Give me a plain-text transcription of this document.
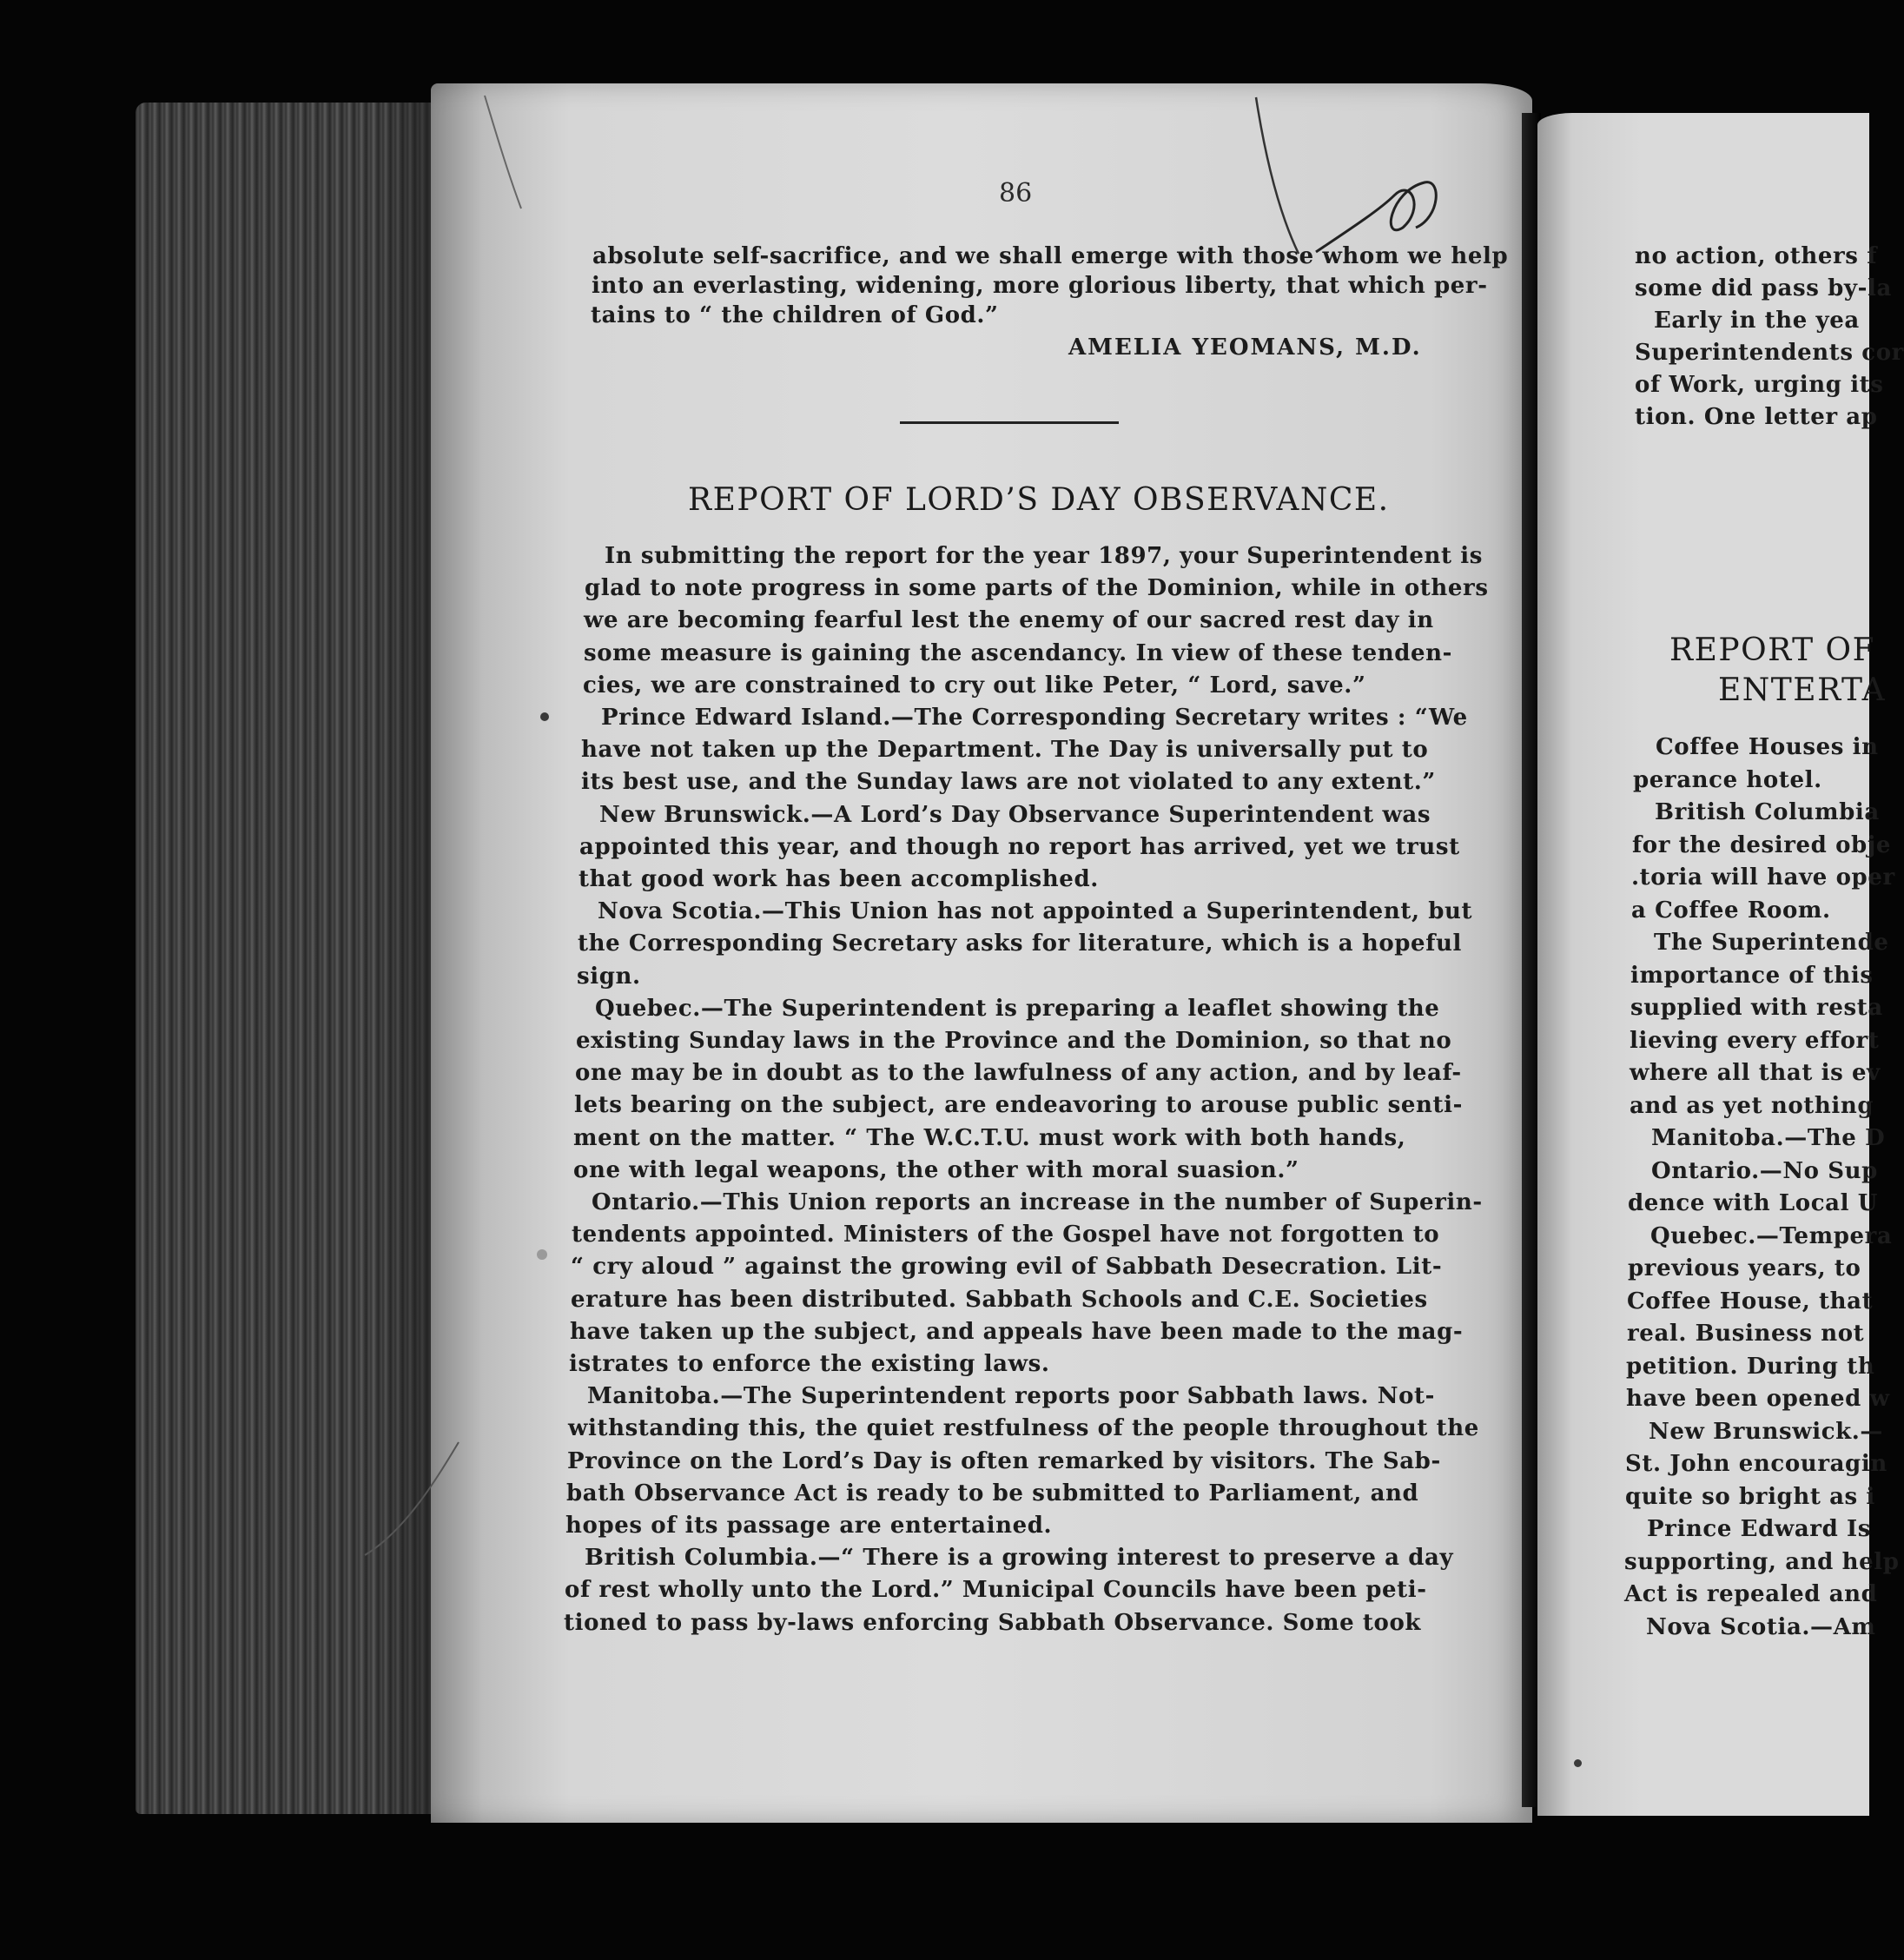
86
absolute self-sacrifice, and we shall emerge with those whom we help
into an everlasting, widening, more glorious liberty, that which per-
tains to “ the children of God.”
AMELIA YEOMANS, M.D.
REPORT OF LORD’S DAY OBSERVANCE.
In submitting the report for the year 1897, your Superintendent is
glad to note progress in some parts of the Dominion, while in others
we are becoming fearful lest the enemy of our sacred rest day in
some measure is gaining the ascendancy. In view of these tenden-
cies, we are constrained to cry out like Peter, “ Lord, save.”
Prince Edward Island.—The Corresponding Secretary writes : “We
have not taken up the Department. The Day is universally put to
its best use, and the Sunday laws are not violated to any extent.”
New Brunswick.—A Lord’s Day Observance Superintendent was
appointed this year, and though no report has arrived, yet we trust
that good work has been accomplished.
Nova Scotia.—This Union has not appointed a Superintendent, but
the Corresponding Secretary asks for literature, which is a hopeful
sign.
Quebec.—The Superintendent is preparing a leaflet showing the
existing Sunday laws in the Province and the Dominion, so that no
one may be in doubt as to the lawfulness of any action, and by leaf-
lets bearing on the subject, are endeavoring to arouse public senti-
ment on the matter. “ The W.C.T.U. must work with both hands,
one with legal weapons, the other with moral suasion.”
Ontario.—This Union reports an increase in the number of Superin-
tendents appointed. Ministers of the Gospel have not forgotten to
“ cry aloud ” against the growing evil of Sabbath Desecration. Lit-
erature has been distributed. Sabbath Schools and C.E. Societies
have taken up the subject, and appeals have been made to the mag-
istrates to enforce the existing laws.
Manitoba.—The Superintendent reports poor Sabbath laws. Not-
withstanding this, the quiet restfulness of the people throughout the
Province on the Lord’s Day is often remarked by visitors. The Sab-
bath Observance Act is ready to be submitted to Parliament, and
hopes of its passage are entertained.
British Columbia.—“ There is a growing interest to preserve a day
of rest wholly unto the Lord.” Municipal Councils have been peti-
tioned to pass by-laws enforcing Sabbath Observance. Some took
no action, others f
some did pass by-la
Early in the yea
Superintendents cor
of Work, urging its
tion. One letter ap
REPORT OF
ENTERTA
Coffee Houses in
perance hotel.
British Columbia
for the desired obje
.toria will have oper
a Coffee Room.
The Superintende
importance of this
supplied with resta
lieving every effort
where all that is ev
and as yet nothing
Manitoba.—The D
Ontario.—No Sup
dence with Local U
Quebec.—Tempera
previous years, to
Coffee House, that
real. Business not
petition. During th
have been opened w
New Brunswick.—
St. John encouragin
quite so bright as i
Prince Edward Is
supporting, and help
Act is repealed and
Nova Scotia.—Am
